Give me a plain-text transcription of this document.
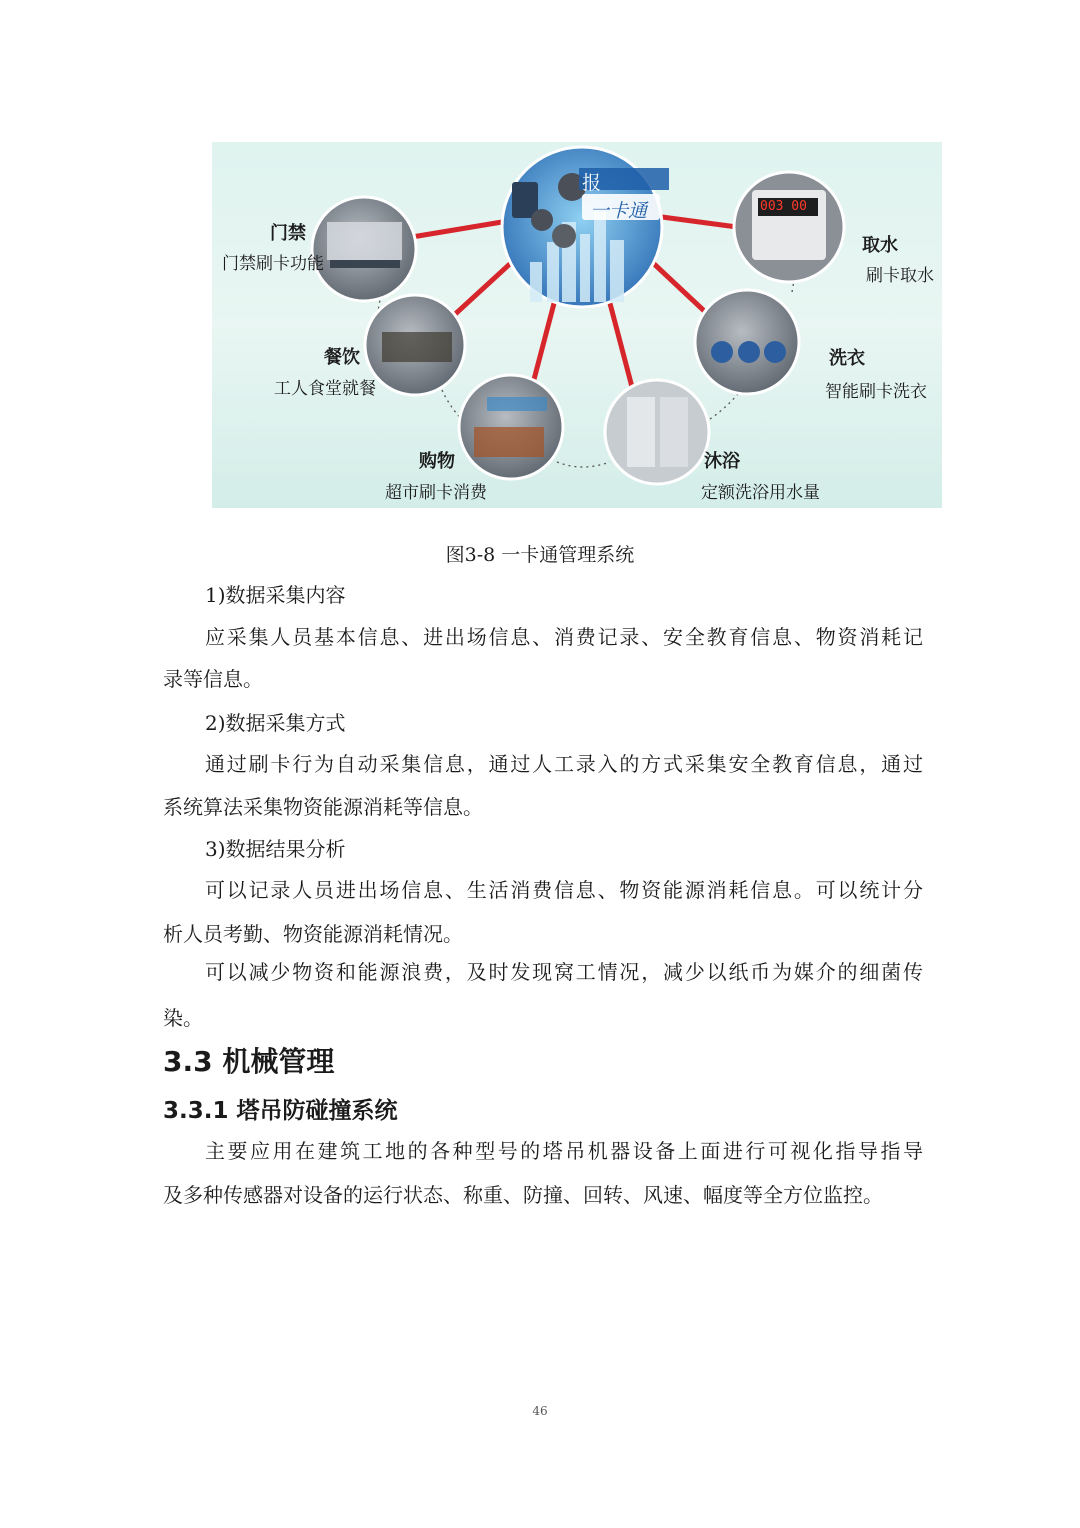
报
一卡通	003 00
门禁
门禁刷卡功能
餐饮
工人食堂就餐
购物
超市刷卡消费
沐浴
定额洗浴用水量
洗衣
智能刷卡洗衣
取水
刷卡取水
图3-8 一卡通管理系统
1)数据采集内容
应采集人员基本信息、进出场信息、消费记录、安全教育信息、物资消耗记
录等信息。
2)数据采集方式
通过刷卡行为自动采集信息，通过人工录入的方式采集安全教育信息，通过
系统算法采集物资能源消耗等信息。
3)数据结果分析
可以记录人员进出场信息、生活消费信息、物资能源消耗信息。可以统计分
析人员考勤、物资能源消耗情况。
可以减少物资和能源浪费，及时发现窝工情况，减少以纸币为媒介的细菌传
染。
3.3 机械管理
3.3.1 塔吊防碰撞系统
主要应用在建筑工地的各种型号的塔吊机器设备上面进行可视化指导指导
及多种传感器对设备的运行状态、称重、防撞、回转、风速、幅度等全方位监控。
46
